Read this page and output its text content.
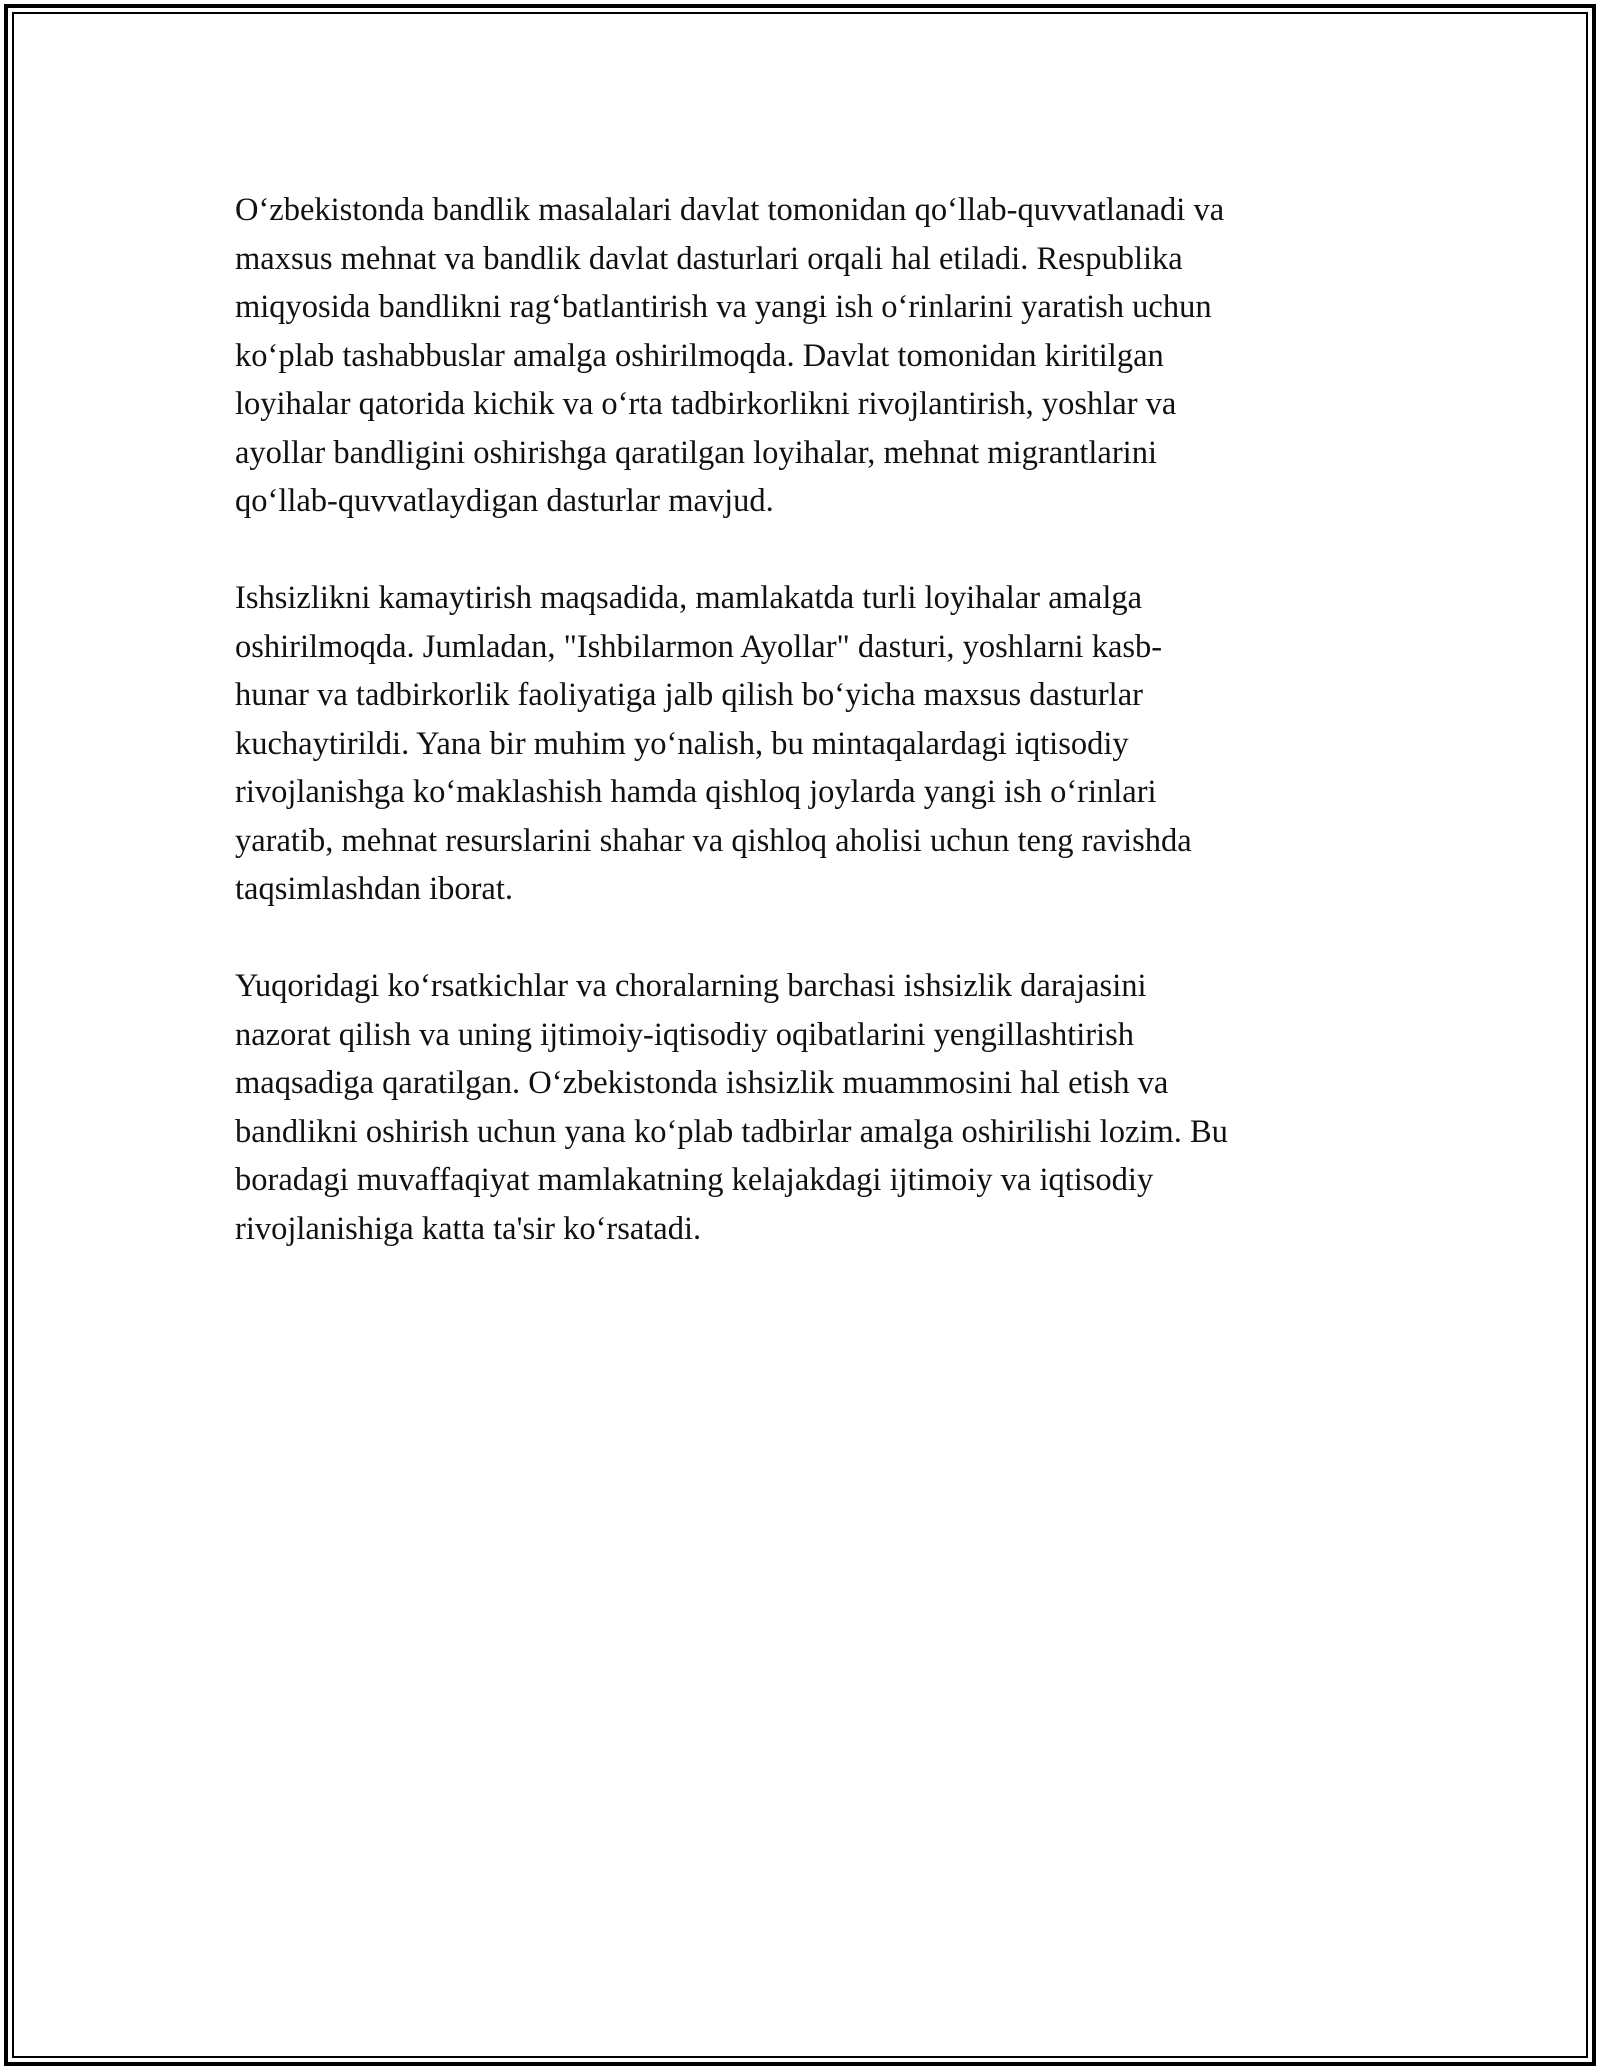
O‘zbekistonda bandlik masalalari davlat tomonidan qo‘llab-quvvatlanadi va
maxsus mehnat va bandlik davlat dasturlari orqali hal etiladi. Respublika
miqyosida bandlikni rag‘batlantirish va yangi ish o‘rinlarini yaratish uchun
ko‘plab tashabbuslar amalga oshirilmoqda. Davlat tomonidan kiritilgan
loyihalar qatorida kichik va o‘rta tadbirkorlikni rivojlantirish, yoshlar va
ayollar bandligini oshirishga qaratilgan loyihalar, mehnat migrantlarini
qo‘llab-quvvatlaydigan dasturlar mavjud.

Ishsizlikni kamaytirish maqsadida, mamlakatda turli loyihalar amalga
oshirilmoqda. Jumladan, "Ishbilarmon Ayollar" dasturi, yoshlarni kasb-
hunar va tadbirkorlik faoliyatiga jalb qilish bo‘yicha maxsus dasturlar
kuchaytirildi. Yana bir muhim yo‘nalish, bu mintaqalardagi iqtisodiy
rivojlanishga ko‘maklashish hamda qishloq joylarda yangi ish o‘rinlari
yaratib, mehnat resurslarini shahar va qishloq aholisi uchun teng ravishda
taqsimlashdan iborat.

Yuqoridagi ko‘rsatkichlar va choralarning barchasi ishsizlik darajasini
nazorat qilish va uning ijtimoiy-iqtisodiy oqibatlarini yengillashtirish
maqsadiga qaratilgan. O‘zbekistonda ishsizlik muammosini hal etish va
bandlikni oshirish uchun yana ko‘plab tadbirlar amalga oshirilishi lozim. Bu
boradagi muvaffaqiyat mamlakatning kelajakdagi ijtimoiy va iqtisodiy
rivojlanishiga katta ta'sir ko‘rsatadi.
